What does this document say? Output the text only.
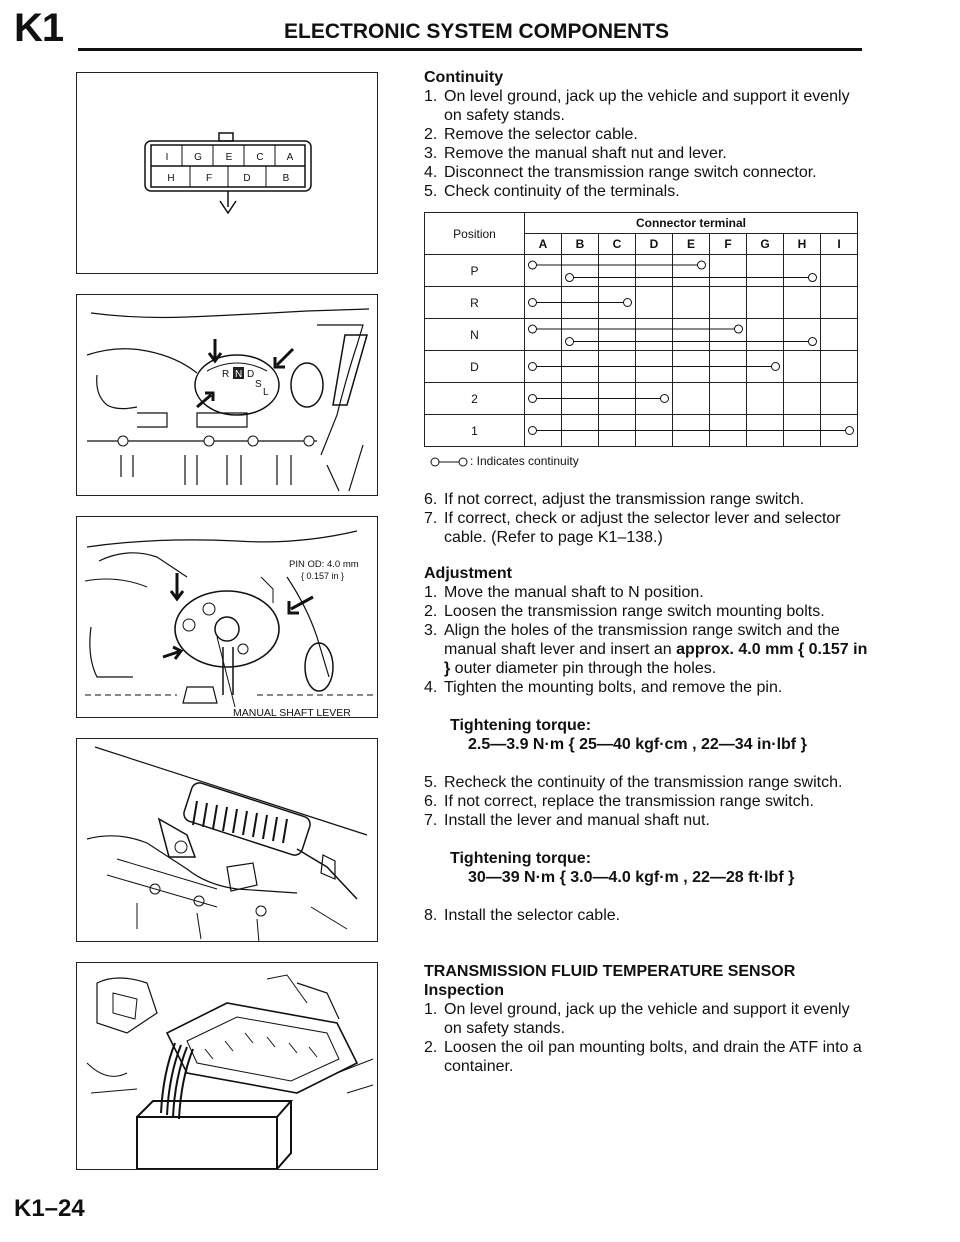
K1	ELECTRONIC SYSTEM COMPONENTS
I	G E C A
H	F	D	B
R N D
S
L
PIN OD: 4.0 mm
{ 0.157 in }
MANUAL SHAFT LEVER
Continuity
1. On level ground, jack up the vehicle and support it evenly on safety stands.
2. Remove the selector cable.
3. Remove the manual shaft nut and lever.
4. Disconnect the transmission range switch connector.
5. Check continuity of the terminals.
Position	Connector terminal								
	A	B	C	D	E	F	G	H	I
P									
R									
N									
D									
2									
1									
: Indicates continuity
6. If not correct, adjust the transmission range switch.
7. If correct, check or adjust the selector lever and selector cable. (Refer to page K1–138.)
Adjustment
1. Move the manual shaft to N position.
2. Loosen the transmission range switch mounting bolts.
3. Align the holes of the transmission range switch and the manual shaft lever and insert an approx. 4.0 mm { 0.157 in } outer diameter pin through the holes.
4. Tighten the mounting bolts, and remove the pin.
Tightening torque:
2.5—3.9 N·m { 25—40 kgf·cm , 22—34 in·lbf }
5. Recheck the continuity of the transmission range switch.
6. If not correct, replace the transmission range switch.
7. Install the lever and manual shaft nut.
Tightening torque:
30—39 N·m { 3.0—4.0 kgf·m , 22—28 ft·lbf }
8. Install the selector cable.
TRANSMISSION FLUID TEMPERATURE SENSOR
Inspection
1. On level ground, jack up the vehicle and support it evenly on safety stands.
2. Loosen the oil pan mounting bolts, and drain the ATF into a container.
K1–24
